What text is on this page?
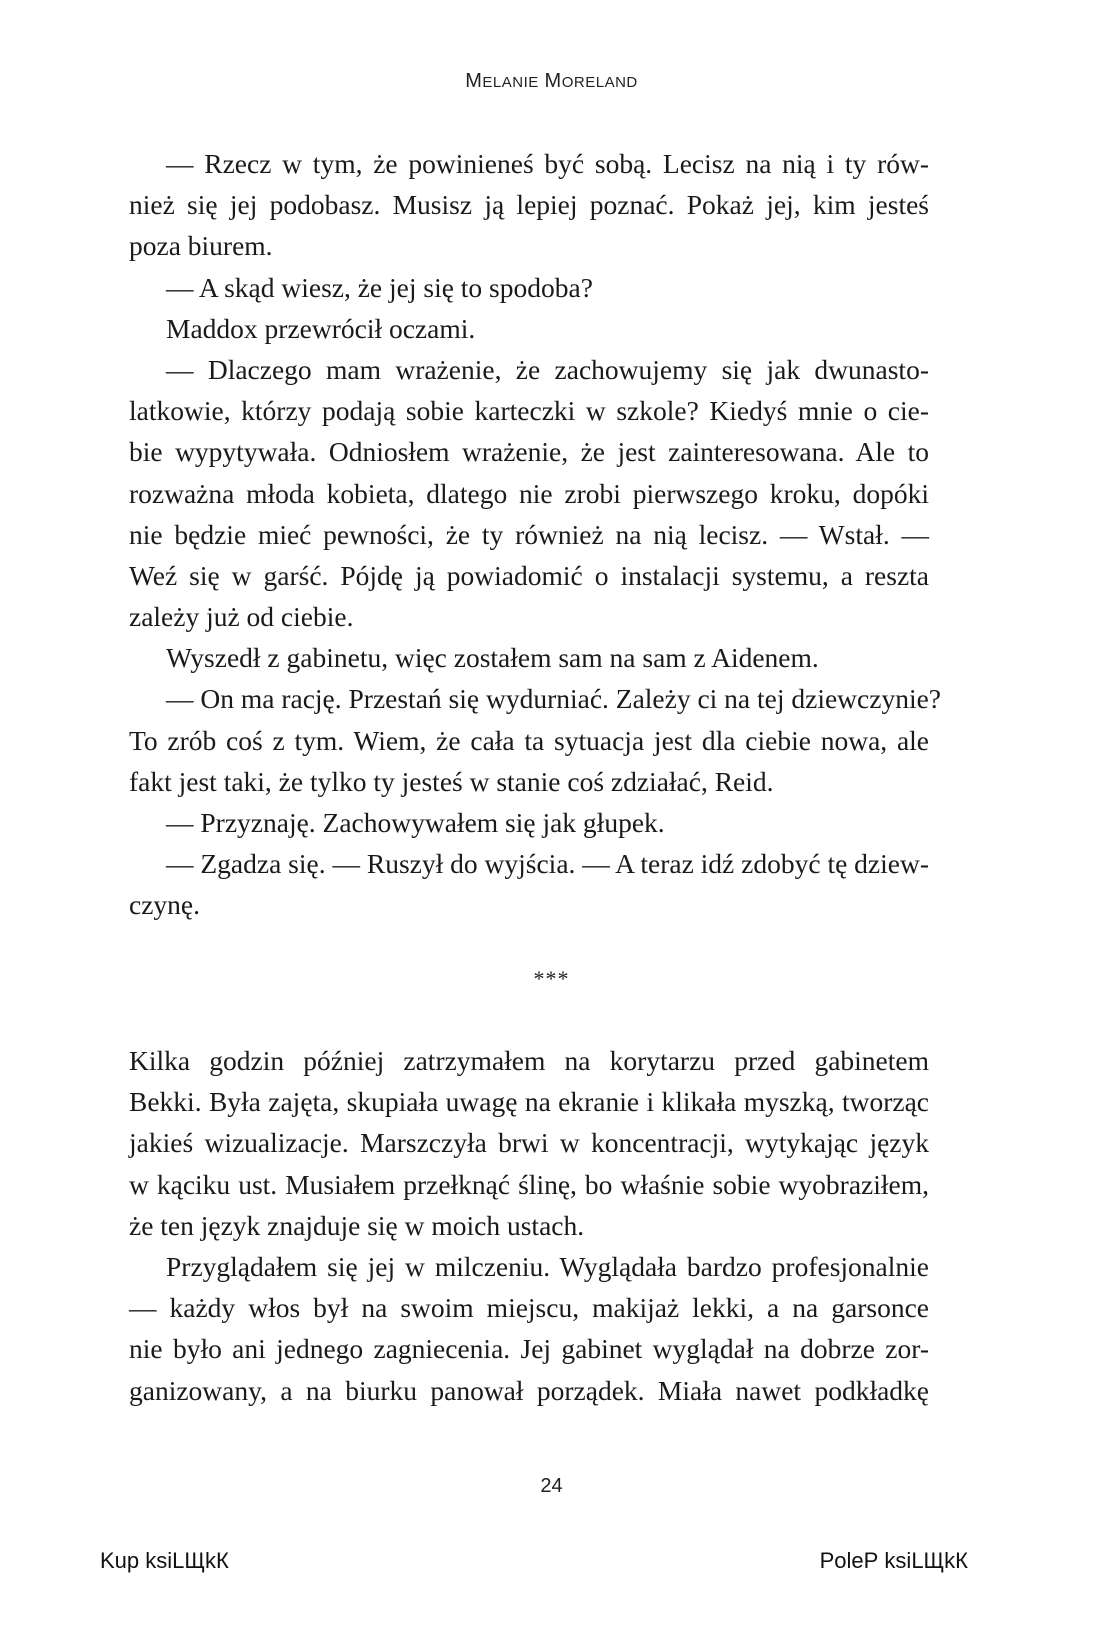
MELANIE MORELAND
— Rzecz w tym, że powinieneś być sobą. Lecisz na nią i ty rów-
nież się jej podobasz. Musisz ją lepiej poznać. Pokaż jej, kim jesteś
poza biurem.
— A skąd wiesz, że jej się to spodoba?
Maddox przewrócił oczami.
— Dlaczego mam wrażenie, że zachowujemy się jak dwunasto-
latkowie, którzy podają sobie karteczki w szkole? Kiedyś mnie o cie-
bie wypytywała. Odniosłem wrażenie, że jest zainteresowana. Ale to
rozważna młoda kobieta, dlatego nie zrobi pierwszego kroku, dopóki
nie będzie mieć pewności, że ty również na nią lecisz. — Wstał. —
Weź się w garść. Pójdę ją powiadomić o instalacji systemu, a reszta
zależy już od ciebie.
Wyszedł z gabinetu, więc zostałem sam na sam z Aidenem.
— On ma rację. Przestań się wydurniać. Zależy ci na tej dziewczynie?
To zrób coś z tym. Wiem, że cała ta sytuacja jest dla ciebie nowa, ale
fakt jest taki, że tylko ty jesteś w stanie coś zdziałać, Reid.
— Przyznaję. Zachowywałem się jak głupek.
— Zgadza się. — Ruszył do wyjścia. — A teraz idź zdobyć tę dziew-
czynę.
***
Kilka godzin później zatrzymałem na korytarzu przed gabinetem
Bekki. Była zajęta, skupiała uwagę na ekranie i klikała myszką, tworząc
jakieś wizualizacje. Marszczyła brwi w koncentracji, wytykając język
w kąciku ust. Musiałem przełknąć ślinę, bo właśnie sobie wyobraziłem,
że ten język znajduje się w moich ustach.
Przyglądałem się jej w milczeniu. Wyglądała bardzo profesjonalnie
— każdy włos był na swoim miejscu, makijaż lekki, a na garsonce
nie było ani jednego zagniecenia. Jej gabinet wyglądał na dobrze zor-
ganizowany, a na biurku panował porządek. Miała nawet podkładkę
24
Kup ksiLЩkК	PoleР ksiLЩkК
